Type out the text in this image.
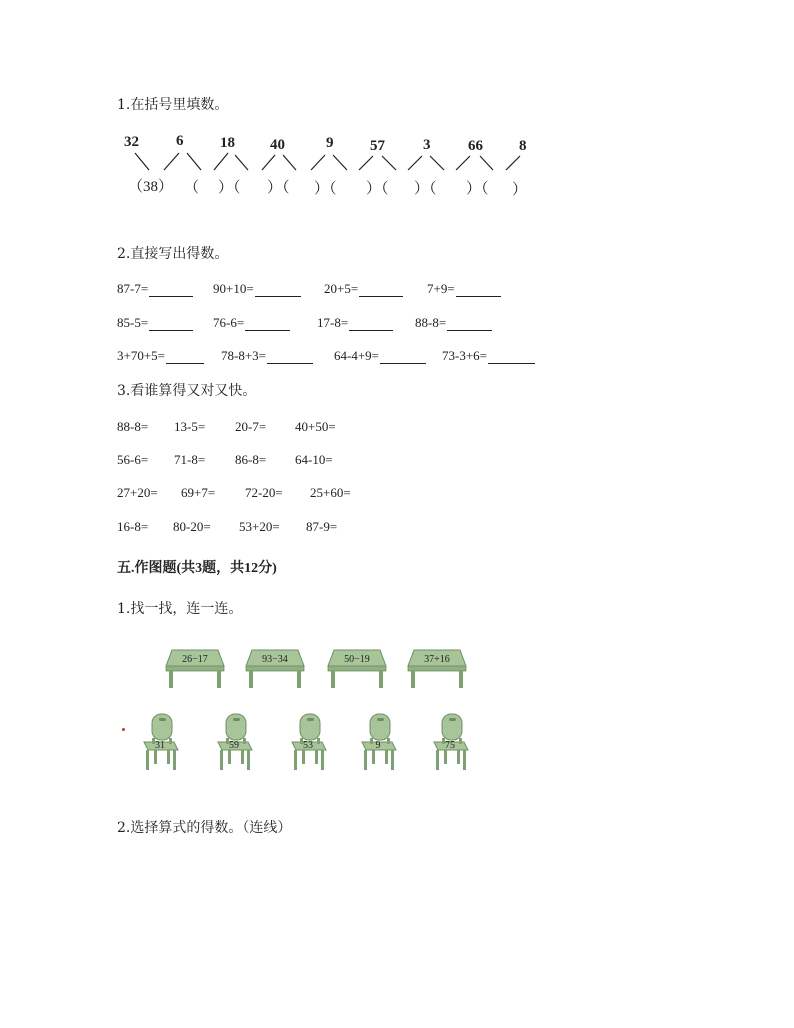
1.在括号里填数。
32 6 18 40	9 57	3	66 8
（38） （ ）（ ）（ ）（ ）（ ）（ ）（ ）
2.直接写出得数。
87-7=	90+10=	20+5=	7+9=
85-5=	76-6=	17-8=	88-8=
3+70+5=	78-8+3=	64-4+9=	73-3+6=
3.看谁算得又对又快。
88-8= 13-5= 20-7= 40+50=
56-6= 71-8= 86-8= 64-10=
27+20= 69+7= 72-20= 25+60=
16-8= 80-20= 53+20= 87-9=
五.作图题(共3题，共12分)
1.找一找，连一连。
26−17	93−34	50−19	37+16
31	59	53	9	75
2.选择算式的得数。（连线）
